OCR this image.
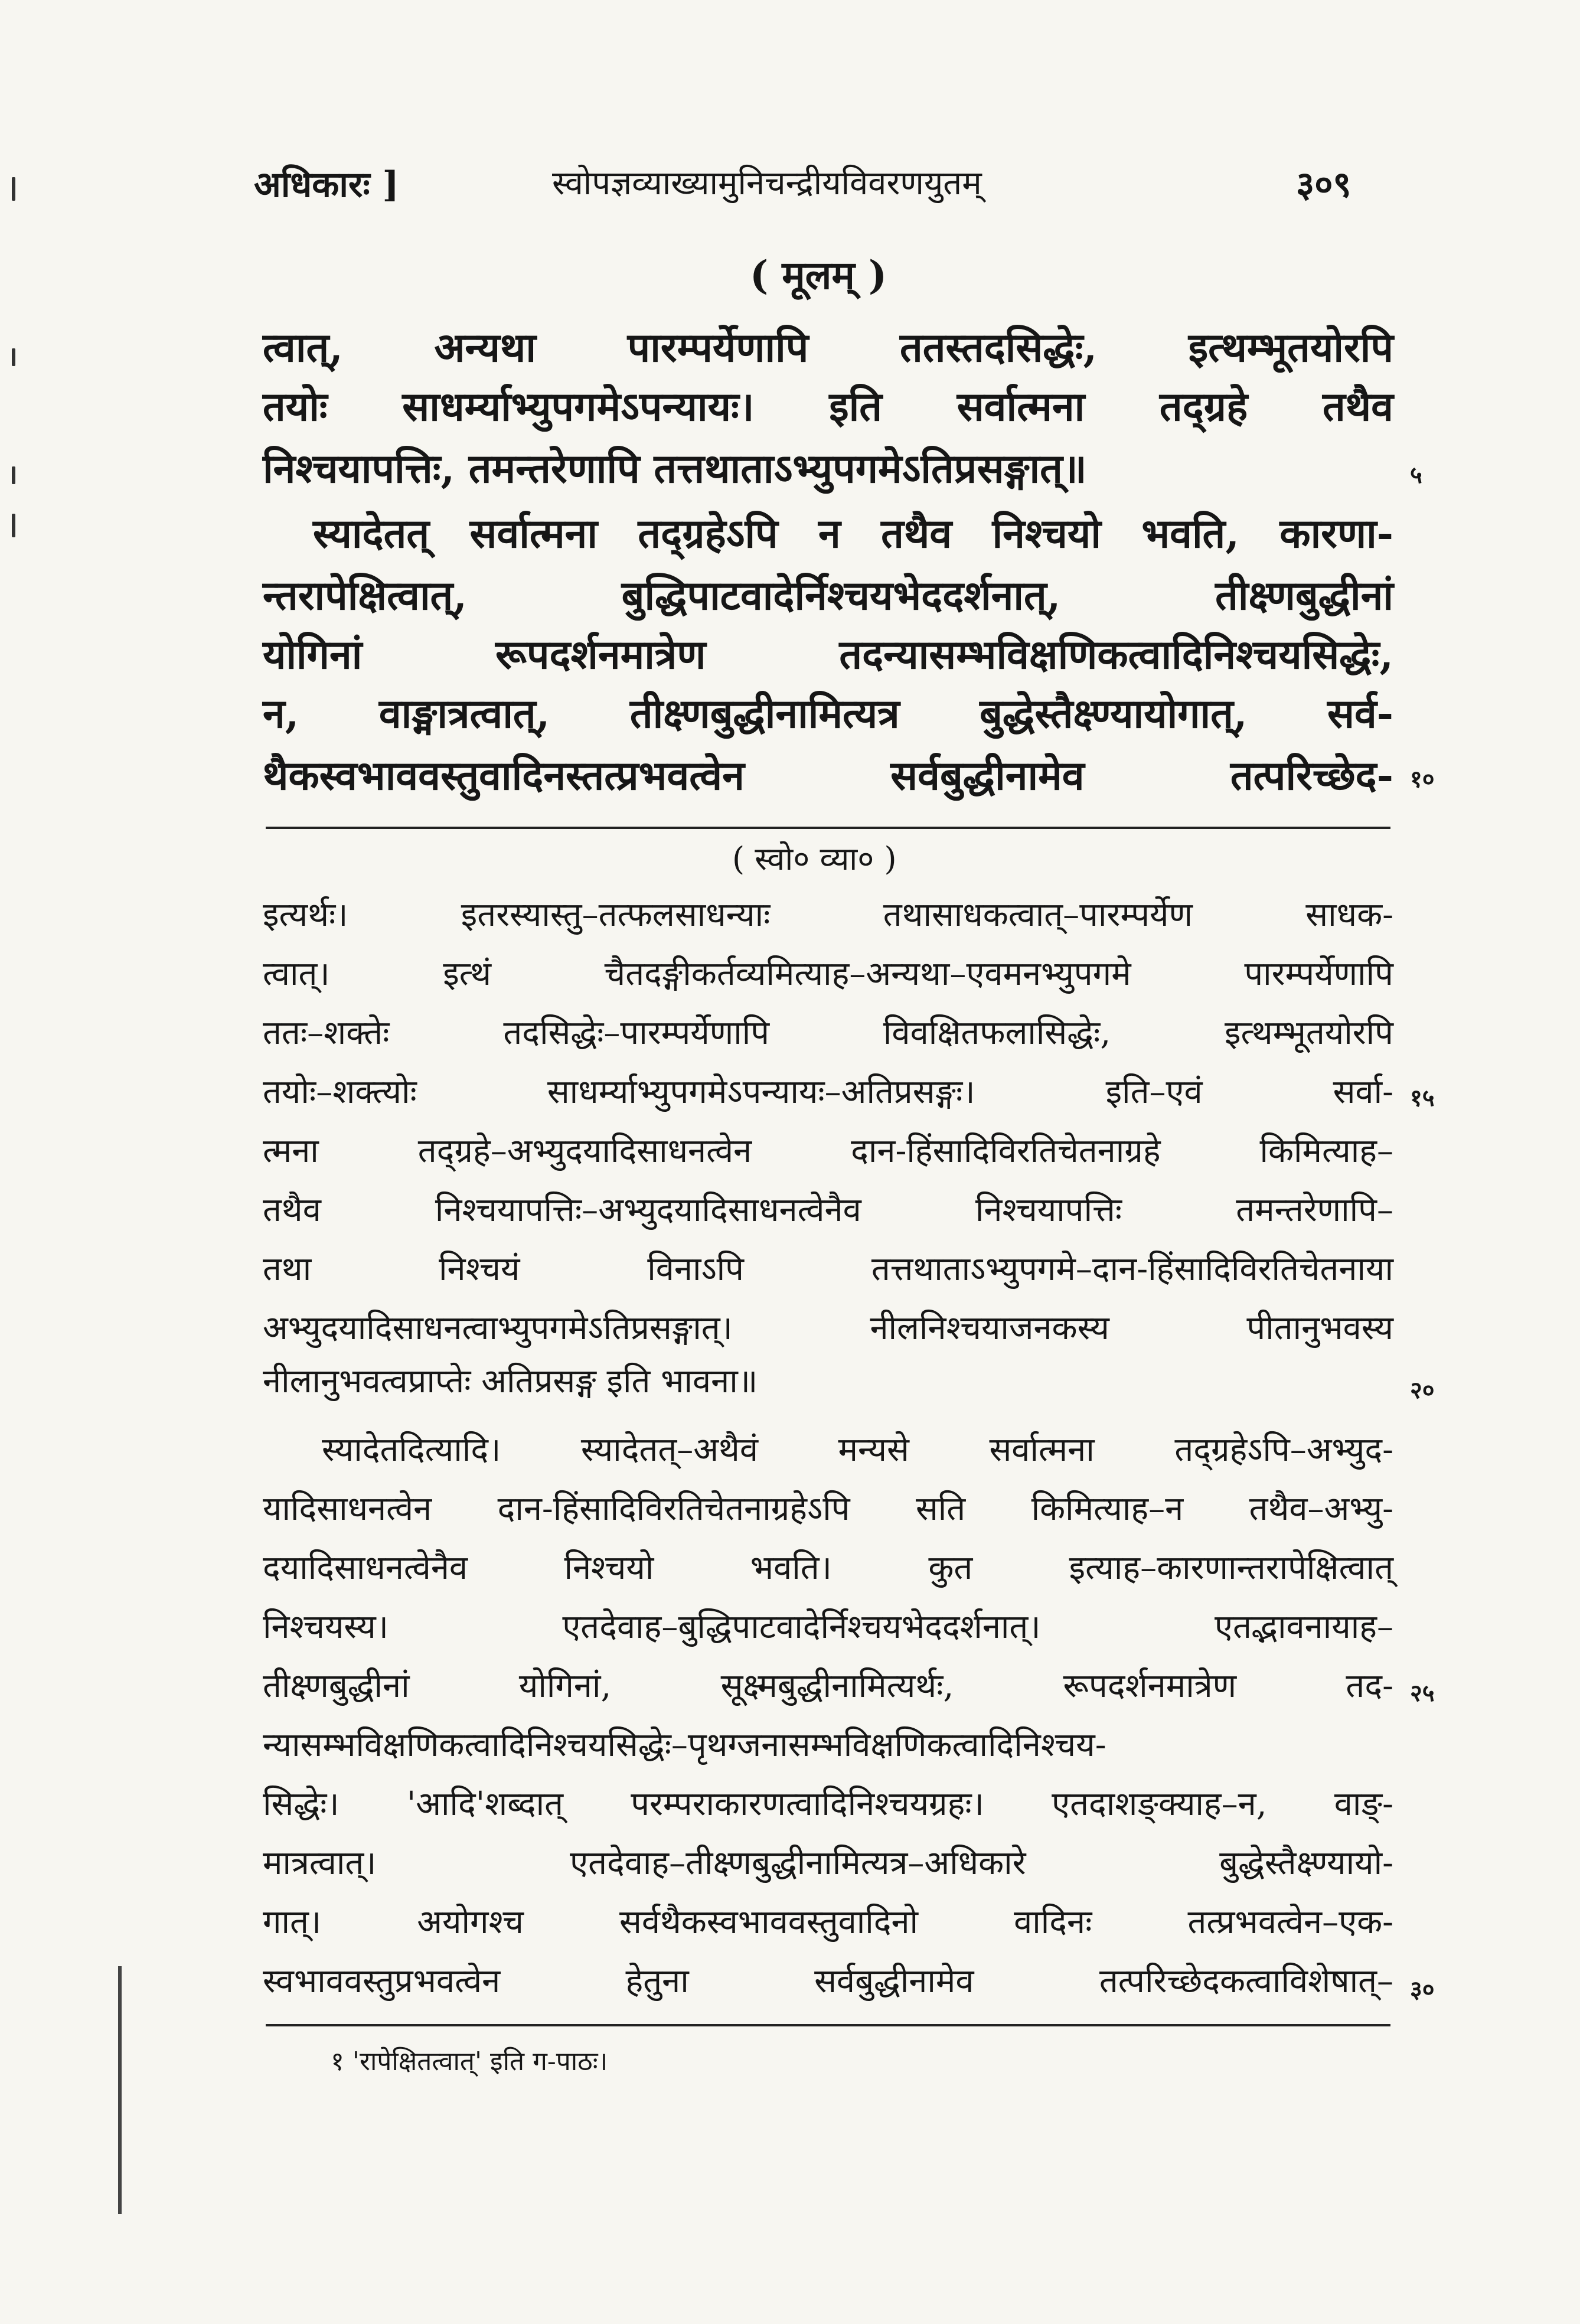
अधिकारः ]	स्वोपज्ञव्याख्यामुनिचन्द्रीयविवरणयुतम्	३०९
( मूलम् )
त्वात्, अन्यथा पारम्पर्येणापि ततस्तदसिद्धेः, इत्थम्भूतयोरपि
तयोः साधर्म्याभ्युपगमेऽपन्यायः। इति सर्वात्मना तद्ग्रहे तथैव
निश्चयापत्तिः, तमन्तरेणापि तत्तथाताऽभ्युपगमेऽतिप्रसङ्गात्॥	५
स्यादेतत् सर्वात्मना तद्ग्रहेऽपि न तथैव निश्चयो भवति, कारणा-
न्तरापेक्षित्वात्, बुद्धिपाटवादेर्निश्चयभेददर्शनात्, तीक्ष्णबुद्धीनां
योगिनां रूपदर्शनमात्रेण तदन्यासम्भविक्षणिकत्वादिनिश्चयसिद्धेः,
न, वाङ्मात्रत्वात्, तीक्ष्णबुद्धीनामित्यत्र बुद्धेस्तैक्ष्ण्यायोगात्, सर्व-
थैकस्वभाववस्तुवादिनस्तत्प्रभवत्वेन सर्वबुद्धीनामेव तत्परिच्छेद- १०
( स्वो० व्या० )
इत्यर्थः। इतरस्यास्तु–तत्फलसाधन्याः तथासाधकत्वात्–पारम्पर्येण साधक-
त्वात्। इत्थं चैतदङ्गीकर्तव्यमित्याह–अन्यथा–एवमनभ्युपगमे पारम्पर्येणापि
ततः–शक्तेः तदसिद्धेः–पारम्पर्येणापि विवक्षितफलासिद्धेः, इत्थम्भूतयोरपि
तयोः–शक्त्योः साधर्म्याभ्युपगमेऽपन्यायः–अतिप्रसङ्गः। इति–एवं सर्वा- १५
त्मना तद्ग्रहे–अभ्युदयादिसाधनत्वेन दान-हिंसादिविरतिचेतनाग्रहे किमित्याह–
तथैव निश्चयापत्तिः–अभ्युदयादिसाधनत्वेनैव निश्चयापत्तिः तमन्तरेणापि–
तथा निश्चयं विनाऽपि तत्तथाताऽभ्युपगमे–दान-हिंसादिविरतिचेतनाया
अभ्युदयादिसाधनत्वाभ्युपगमेऽतिप्रसङ्गात्। नीलनिश्चयाजनकस्य पीतानुभवस्य
नीलानुभवत्वप्राप्तेः अतिप्रसङ्ग इति भावना॥	२०
स्यादेतदित्यादि। स्यादेतत्–अथैवं मन्यसे सर्वात्मना तद्ग्रहेऽपि–अभ्युद-
यादिसाधनत्वेन दान-हिंसादिविरतिचेतनाग्रहेऽपि सति किमित्याह–न तथैव–अभ्यु-
दयादिसाधनत्वेनैव निश्चयो भवति। कुत इत्याह–कारणान्तरापेक्षित्वात्
निश्चयस्य। एतदेवाह–बुद्धिपाटवादेर्निश्चयभेददर्शनात्। एतद्भावनायाह–
तीक्ष्णबुद्धीनां योगिनां, सूक्ष्मबुद्धीनामित्यर्थः, रूपदर्शनमात्रेण तद- २५
न्यासम्भविक्षणिकत्वादिनिश्चयसिद्धेः–पृथग्जनासम्भविक्षणिकत्वादिनिश्चय-
सिद्धेः। 'आदि'शब्दात् परम्पराकारणत्वादिनिश्चयग्रहः। एतदाशङ्क्याह–न, वाङ्-
मात्रत्वात्। एतदेवाह–तीक्ष्णबुद्धीनामित्यत्र–अधिकारे बुद्धेस्तैक्ष्ण्यायो-
गात्। अयोगश्च सर्वथैकस्वभाववस्तुवादिनो वादिनः तत्प्रभवत्वेन–एक-
स्वभाववस्तुप्रभवत्वेन हेतुना सर्वबुद्धीनामेव तत्परिच्छेदकत्वाविशेषात्– ३०
१ 'रापेक्षितत्वात्' इति ग-पाठः।
